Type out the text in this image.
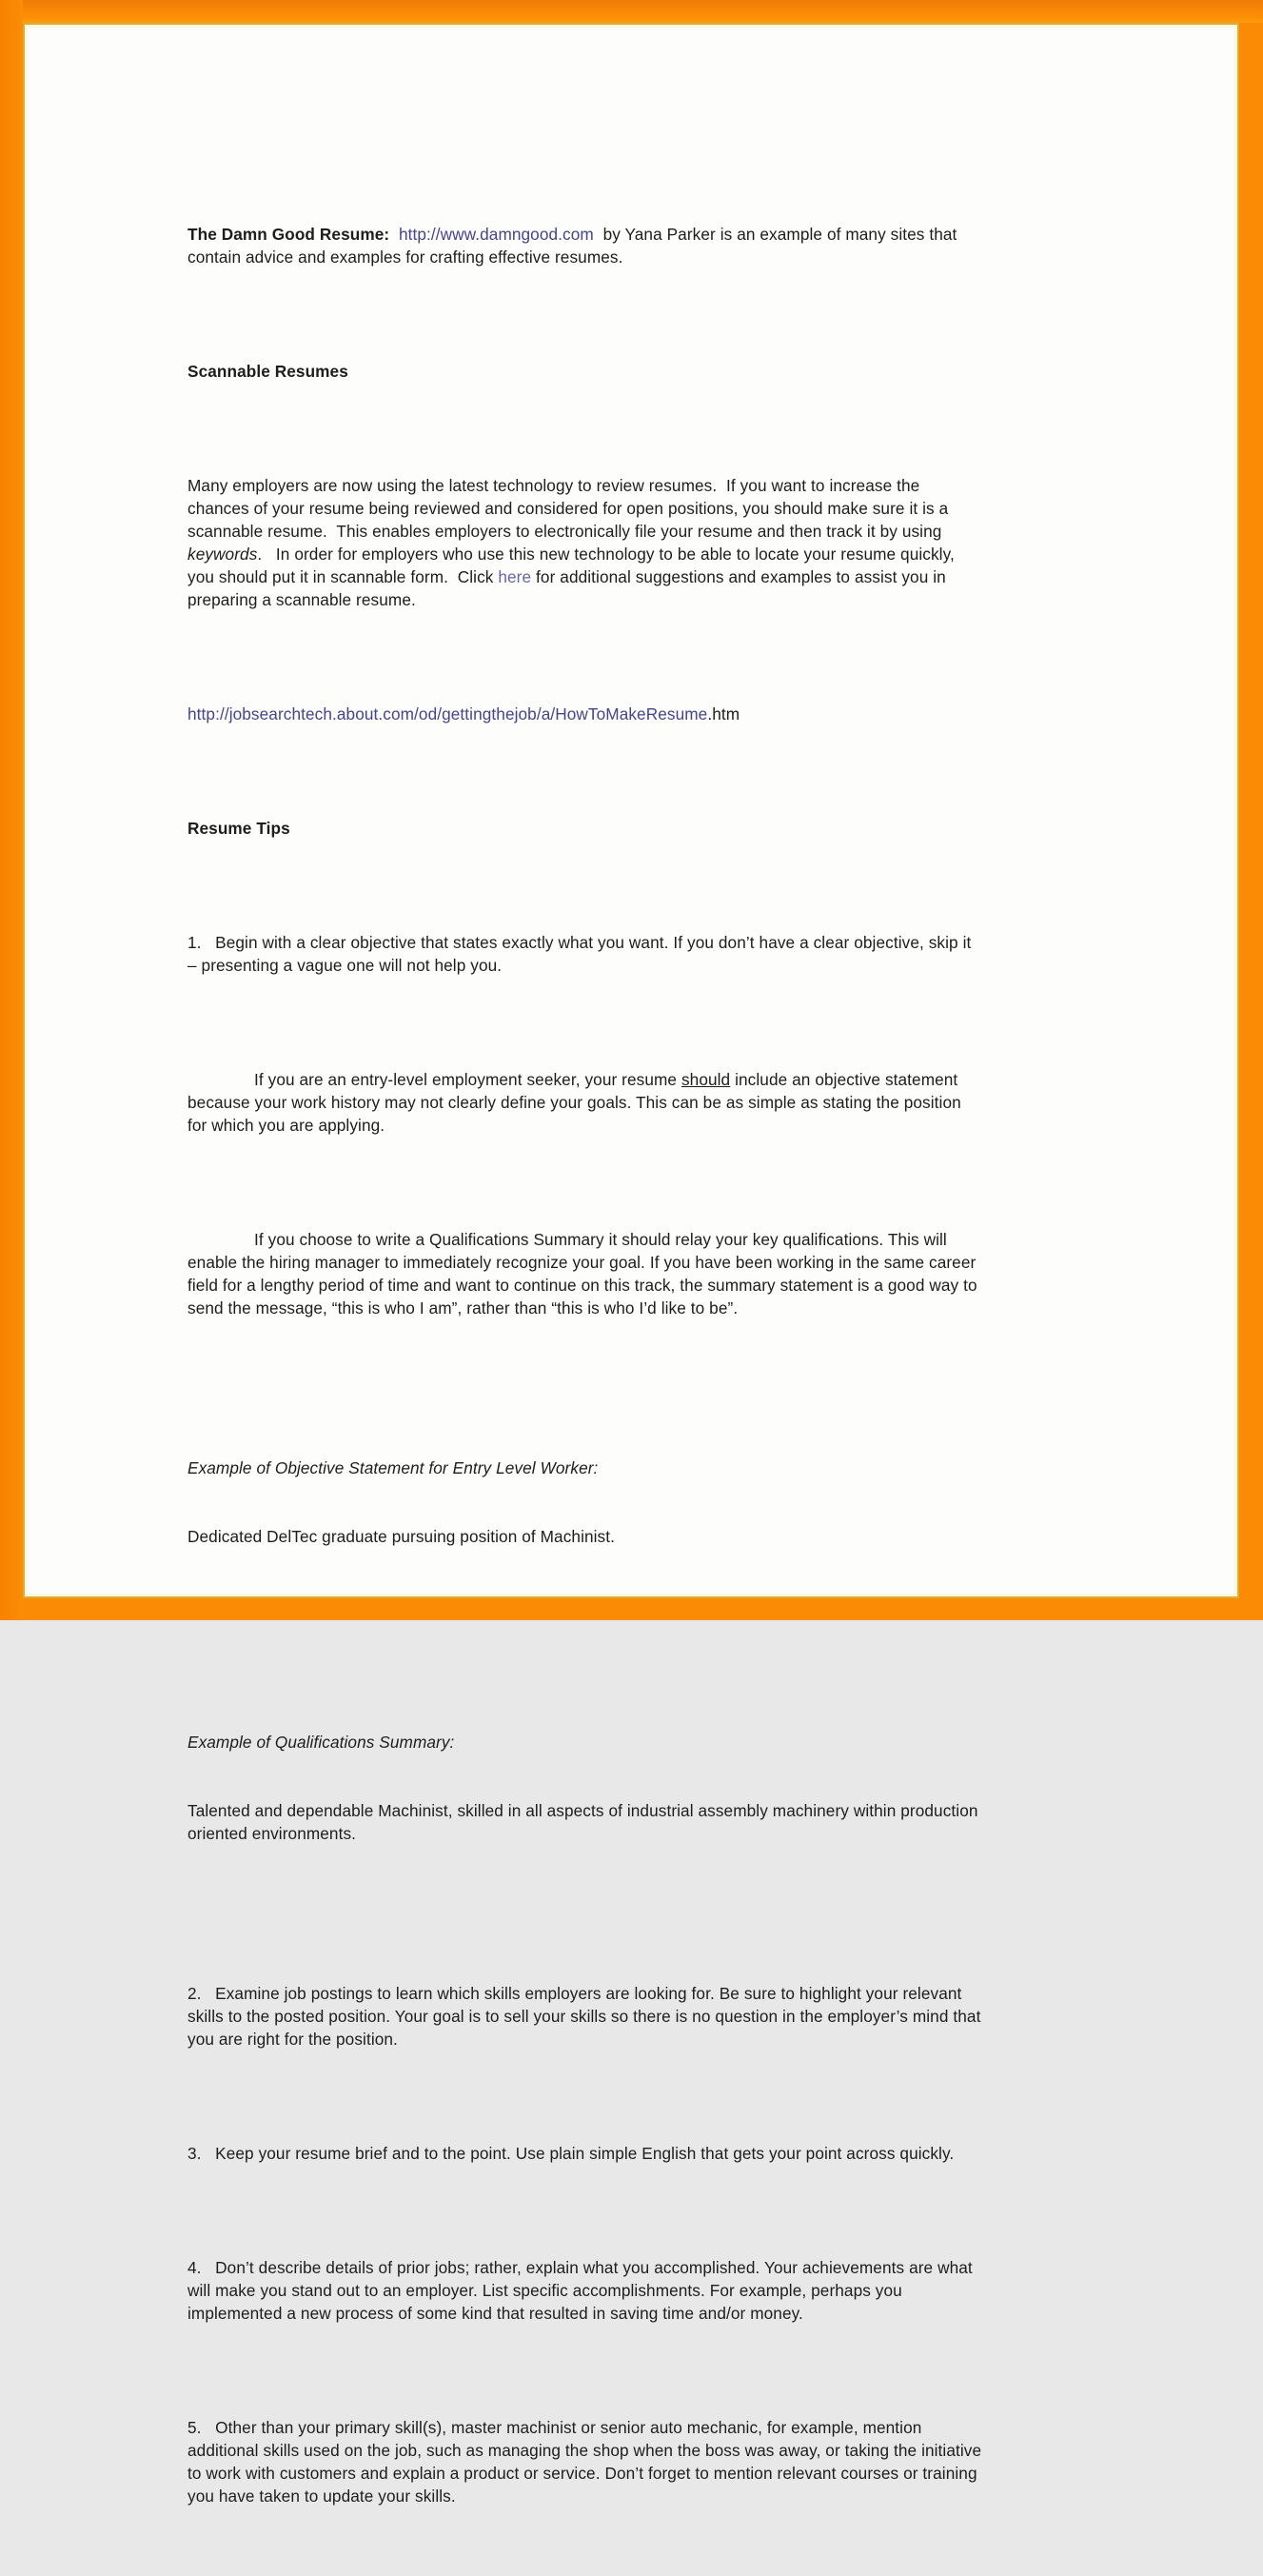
The Damn Good Resume: http://www.damngood.com  by Yana Parker is an example of many sites that contain advice and examples for crafting effective resumes.

Scannable Resumes

Many employers are now using the latest technology to review resumes.  If you want to increase the chances of your resume being reviewed and considered for open positions, you should make sure it is a scannable resume.  This enables employers to electronically file your resume and then track it by using keywords.   In order for employers who use this new technology to be able to locate your resume quickly, you should put it in scannable form.  Click here for additional suggestions and examples to assist you in preparing a scannable resume.

http://jobsearchtech.about.com/od/gettingthejob/a/HowToMakeResume.htm

Resume Tips

1.   Begin with a clear objective that states exactly what you want. If you don’t have a clear objective, skip it – presenting a vague one will not help you.

If you are an entry-level employment seeker, your resume should include an objective statement because your work history may not clearly define your goals. This can be as simple as stating the position for which you are applying.

If you choose to write a Qualifications Summary it should relay your key qualifications. This will enable the hiring manager to immediately recognize your goal. If you have been working in the same career field for a lengthy period of time and want to continue on this track, the summary statement is a good way to send the message, “this is who I am”, rather than “this is who I’d like to be”.

Example of Objective Statement for Entry Level Worker:

Dedicated DelTec graduate pursuing position of Machinist.

Example of Qualifications Summary:

Talented and dependable Machinist, skilled in all aspects of industrial assembly machinery within production oriented environments.

2.   Examine job postings to learn which skills employers are looking for. Be sure to highlight your relevant skills to the posted position. Your goal is to sell your skills so there is no question in the employer’s mind that you are right for the position.

3.   Keep your resume brief and to the point. Use plain simple English that gets your point across quickly.

4.   Don’t describe details of prior jobs; rather, explain what you accomplished. Your achievements are what will make you stand out to an employer. List specific accomplishments. For example, perhaps you implemented a new process of some kind that resulted in saving time and/or money.

5.   Other than your primary skill(s), master machinist or senior auto mechanic, for example, mention additional skills used on the job, such as managing the shop when the boss was away, or taking the initiative to work with customers and explain a product or service. Don’t forget to mention relevant courses or training you have taken to update your skills.
